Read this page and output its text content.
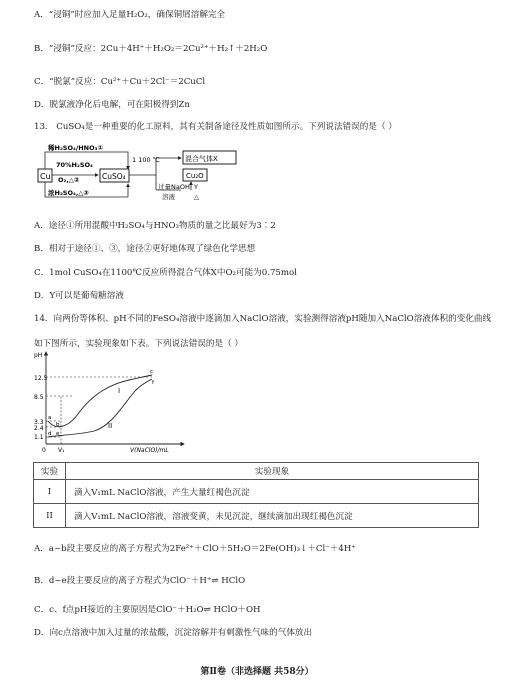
A．“浸铜”时应加入足量H₂O₂，确保铜屑溶解完全
B．“浸铜”反应：2Cu＋4H⁺＋H₂O₂＝2Cu²⁺＋H₂↑＋2H₂O
C．“脱氯”反应：Cu²⁺＋Cu＋2Cl⁻＝2CuCl
D．脱氯液净化后电解，可在阳极得到Zn
13． CuSO₄是一种重要的化工原料，其有关制备途径及性质如图所示。下列说法错误的是（ ）
Cu
稀H₂SO₄/HNO₃①
70%H₂SO₄
O₂,△②
浓H₂SO₄,△③
CuSO₄
1 100 ℃	混合气体X
Cu₂O
过量NaOH
溶液
Y
△
A．途径①所用混酸中H₂SO₄与HNO₃物质的量之比最好为3∶2
B．相对于途径①、③，途径②更好地体现了绿色化学思想
C．1mol CuSO₄在1100℃反应所得混合气体X中O₂可能为0.75mol
D．Y可以是葡萄糖溶液
14．向两份等体积、pH不同的FeSO₄溶液中逐滴加入NaClO溶液，实验测得溶液pH随加入NaClO溶液体积的变化曲线如下图所示，实验现象如下表。下列说法错误的是（ ）
pH
12.5
8.5
3.3
2.4
1.1
0 V₁	V(NaClO)/mL
I
II
a
b
c
d e
f
实验	实验现象
I	滴入V₁mL NaClO溶液，产生大量红褐色沉淀
II	滴入V₁mL NaClO溶液，溶液变黄，未见沉淀，继续滴加出现红褐色沉淀
A．a~b段主要反应的离子方程式为2Fe²⁺＋ClO＋5H₂O＝2Fe(OH)₃↓＋Cl⁻＋4H⁺
B．d~e段主要反应的离子方程式为ClO⁻＋H⁺⇌ HClO
C．c、f点pH接近的主要原因是ClO⁻＋H₂O⇌ HClO＋OH
D．向c点溶液中加入过量的浓盐酸，沉淀溶解并有刺激性气味的气体放出
第Ⅱ卷（非选择题 共58分）
